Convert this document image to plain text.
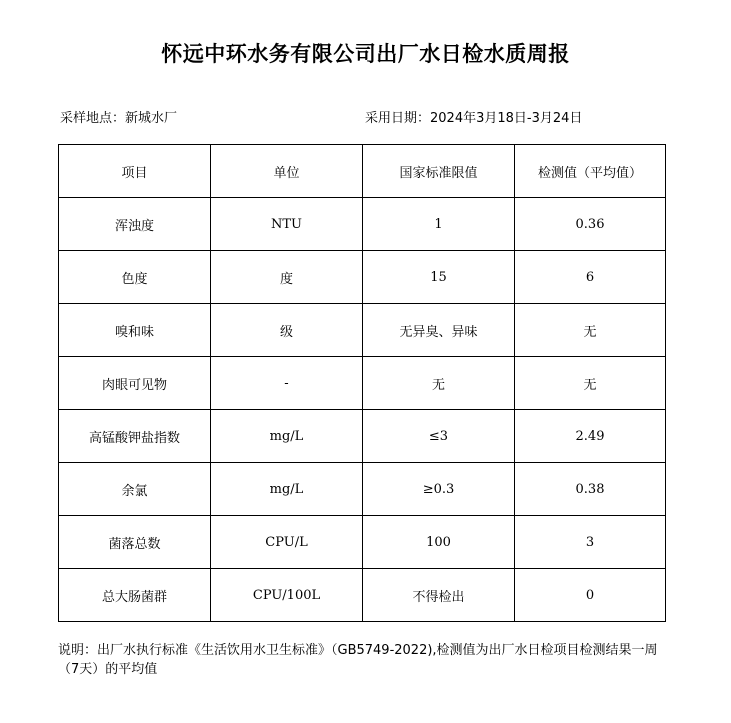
怀远中环水务有限公司出厂水日检水质周报
采样地点：新城水厂	采用日期：2024年3月18日-3月24日
项目	单位	国家标准限值	检测值（平均值）
浑浊度	NTU	1	0.36
色度	度	15	6
嗅和味	级	无异臭、异味	无
肉眼可见物	-	无	无
高锰酸钾盐指数	mg/L	≤3	2.49
余氯	mg/L	≥0.3	0.38
菌落总数	CPU/L	100	3
总大肠菌群	CPU/100L	不得检出	0
说明：出厂水执行标准《生活饮用水卫生标准》（GB5749-2022),检测值为出厂水日检项目检测结果一周（7天）的平均值
